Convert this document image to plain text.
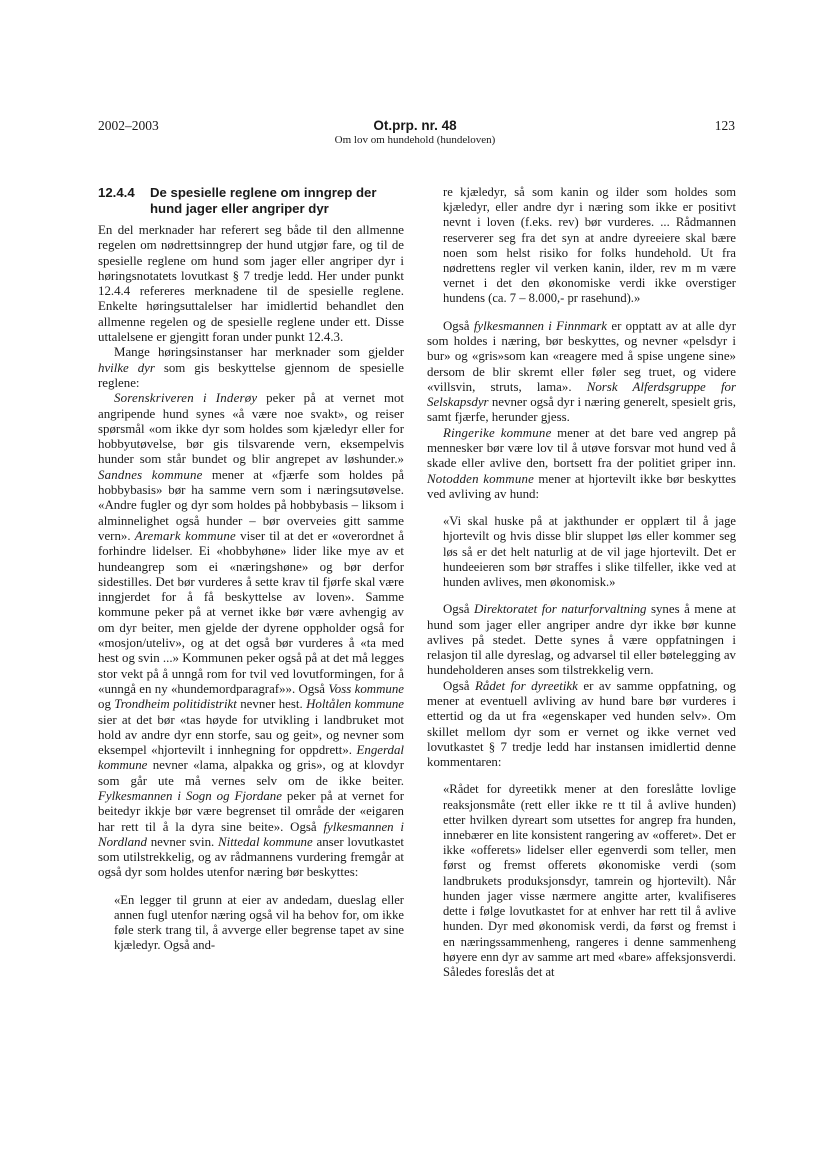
2002–2003	Ot.prp. nr. 48
Om lov om hundehold (hundeloven)
123
12.4.4	De spesielle reglene om inngrep der hund jager eller angriper dyr

En del merknader har referert seg både til den allmenne regelen om nødrettsinngrep der hund utgjør fare, og til de spesielle reglene om hund som jager eller angriper dyr i høringsnotatets lovutkast § 7 tredje ledd. Her under punkt 12.4.4 refereres merknadene til de spesielle reglene. Enkelte høringsuttalelser har imidlertid behandlet den allmenne regelen og de spesielle reglene under ett. Disse uttalelsene er gjengitt foran under punkt 12.4.3.

Mange høringsinstanser har merknader som gjelder hvilke dyr som gis beskyttelse gjennom de spesielle reglene:

Sorenskriveren i Inderøy peker på at vernet mot angripende hund synes «å være noe svakt», og reiser spørsmål «om ikke dyr som holdes som kjæledyr eller for hobbyutøvelse, bør gis tilsvarende vern, eksempelvis hunder som står bundet og blir angrepet av løshunder.» Sandnes kommune mener at «fjærfe som holdes på hobbybasis» bør ha samme vern som i næringsutøvelse. «Andre fugler og dyr som holdes på hobbybasis – liksom i alminnelighet også hunder – bør overveies gitt samme vern». Aremark kommune viser til at det er «overordnet å forhindre lidelser. Ei «hobbyhøne» lider like mye av et hundeangrep som ei «næringshøne» og bør derfor sidestilles. Det bør vurderes å sette krav til fjørfe skal være inngjerdet for å få beskyttelse av loven». Samme kommune peker på at vernet ikke bør være avhengig av om dyr beiter, men gjelde der dyrene oppholder også for «mosjon/uteliv», og at det også bør vurderes å «ta med hest og svin ...» Kommunen peker også på at det må legges stor vekt på å unngå rom for tvil ved lovutformingen, for å «unngå en ny «hundemordparagraf»». Også Voss kommune og Trondheim politidistrikt nevner hest. Holtålen kommune sier at det bør «tas høyde for utvikling i landbruket mot hold av andre dyr enn storfe, sau og geit», og nevner som eksempel «hjortevilt i innhegning for oppdrett». Engerdal kommune nevner «lama, alpakka og gris», og at klovdyr som går ute må vernes selv om de ikke beiter. Fylkesmannen i Sogn og Fjordane peker på at vernet for beitedyr ikkje bør være begrenset til område der «eigaren har rett til å la dyra sine beite». Også fylkesmannen i Nordland nevner svin. Nittedal kommune anser lovutkastet som utilstrekkelig, og av rådmannens vurdering fremgår at også dyr som holdes utenfor næring bør beskyttes:

«En legger til grunn at eier av andedam, dueslag eller annen fugl utenfor næring også vil ha behov for, om ikke føle sterk trang til, å avverge eller begrense tapet av sine kjæledyr. Også and-

re kjæledyr, så som kanin og ilder som holdes som kjæledyr, eller andre dyr i næring som ikke er positivt nevnt i loven (f.eks. rev) bør vurderes. ... Rådmannen reserverer seg fra det syn at andre dyreeiere skal bære noen som helst risiko for folks hundehold. Ut fra nødrettens regler vil verken kanin, ilder, rev m m være vernet i det den økonomiske verdi ikke overstiger hundens (ca. 7 – 8.000,- pr rasehund).»

Også fylkesmannen i Finnmark er opptatt av at alle dyr som holdes i næring, bør beskyttes, og nevner «pelsdyr i bur» og «gris»som kan «reagere med å spise ungene sine» dersom de blir skremt eller føler seg truet, og videre «villsvin, struts, lama». Norsk Alferdsgruppe for Selskapsdyr nevner også dyr i næring generelt, spesielt gris, samt fjærfe, herunder gjess.

Ringerike kommune mener at det bare ved angrep på mennesker bør være lov til å utøve forsvar mot hund ved å skade eller avlive den, bortsett fra der politiet griper inn. Notodden kommune mener at hjortevilt ikke bør beskyttes ved avliving av hund:

«Vi skal huske på at jakthunder er opplært til å jage hjortevilt og hvis disse blir sluppet løs eller kommer seg løs så er det helt naturlig at de vil jage hjortevilt. Det er hundeeieren som bør straffes i slike tilfeller, ikke ved at hunden avlives, men økonomisk.»

Også Direktoratet for naturforvaltning synes å mene at hund som jager eller angriper andre dyr ikke bør kunne avlives på stedet. Dette synes å være oppfatningen i relasjon til alle dyreslag, og advarsel til eller bøtelegging av hundeholderen anses som tilstrekkelig vern.

Også Rådet for dyreetikk er av samme oppfatning, og mener at eventuell avliving av hund bare bør vurderes i ettertid og da ut fra «egenskaper ved hunden selv». Om skillet mellom dyr som er vernet og ikke vernet ved lovutkastet § 7 tredje ledd har instansen imidlertid denne kommentaren:

«Rådet for dyreetikk mener at den foreslåtte lovlige reaksjonsmåte (rett eller ikke re tt til å avlive hunden) etter hvilken dyreart som utsettes for angrep fra hunden, innebærer en lite konsistent rangering av «offeret». Det er ikke «offerets» lidelser eller egenverdi som teller, men først og fremst offerets økonomiske verdi (som landbrukets produksjonsdyr, tamrein og hjortevilt). Når hunden jager visse nærmere angitte arter, kvalifiseres dette i følge lovutkastet for at enhver har rett til å avlive hunden. Dyr med økonomisk verdi, da først og fremst i en næringssammenheng, rangeres i denne sammenheng høyere enn dyr av samme art med «bare» affeksjonsverdi. Således foreslås det at
